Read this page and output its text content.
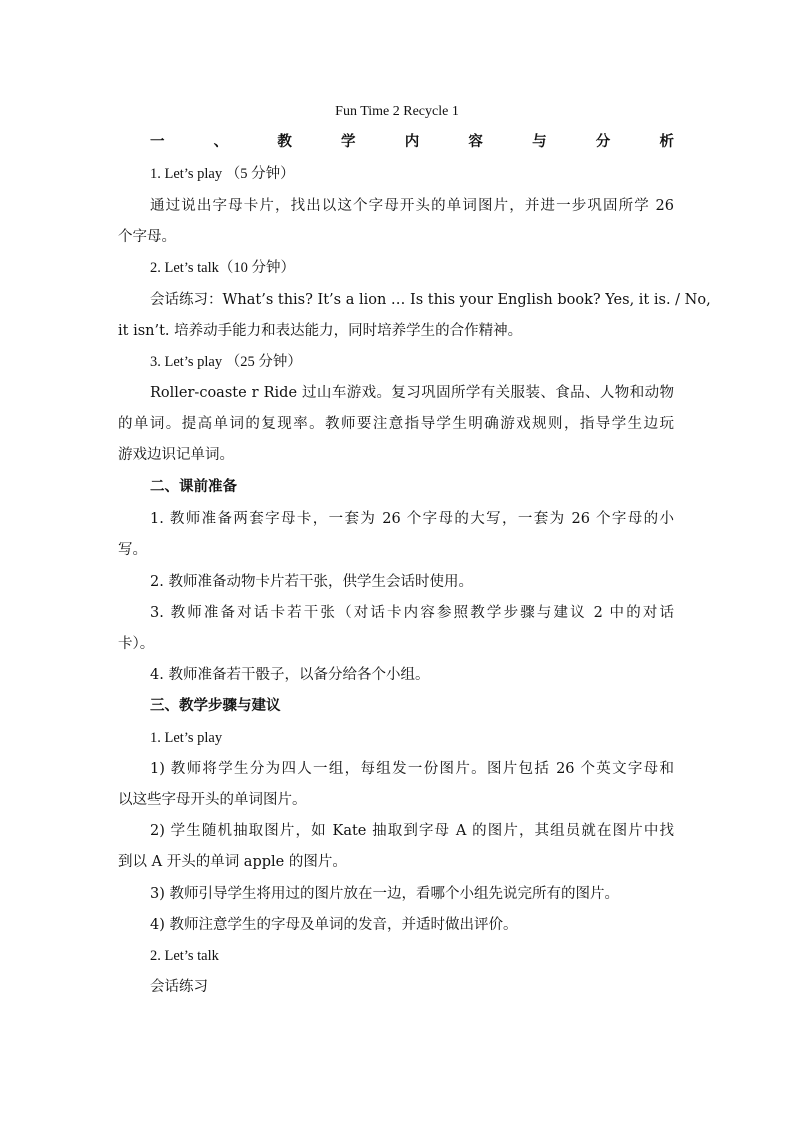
Fun Time 2 Recycle 1
一、教学内容与分析
1. Let’s play （5 分钟）
通过说出字母卡片，找出以这个字母开头的单词图片，并进一步巩固所学 26
个字母。
2. Let’s talk（10 分钟）
会话练习：What’s this? It’s a lion … Is this your English book? Yes, it is. / No,
it isn’t. 培养动手能力和表达能力，同时培养学生的合作精神。
3. Let’s play （25 分钟）
Roller-coaste r Ride 过山车游戏。复习巩固所学有关服装、食品、人物和动物
的单词。提高单词的复现率。教师要注意指导学生明确游戏规则，指导学生边玩
游戏边识记单词。
二、课前准备
1. 教师准备两套字母卡，一套为 26 个字母的大写，一套为 26 个字母的小
写。
2. 教师准备动物卡片若干张，供学生会话时使用。
3. 教师准备对话卡若干张（对话卡内容参照教学步骤与建议 2 中的对话
卡）。
4. 教师准备若干骰子，以备分给各个小组。
三、教学步骤与建议
1. Let’s play
1) 教师将学生分为四人一组，每组发一份图片。图片包括 26 个英文字母和
以这些字母开头的单词图片。
2) 学生随机抽取图片，如 Kate 抽取到字母 A 的图片，其组员就在图片中找
到以 A 开头的单词 apple 的图片。
3) 教师引导学生将用过的图片放在一边，看哪个小组先说完所有的图片。
4) 教师注意学生的字母及单词的发音，并适时做出评价。
2. Let’s talk
会话练习
